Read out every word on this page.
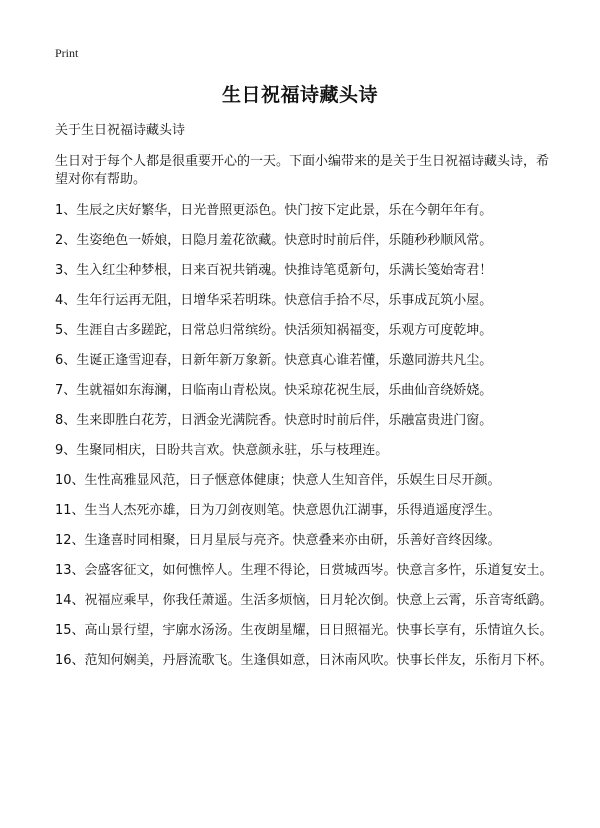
Print
生日祝福诗藏头诗

关于生日祝福诗藏头诗

生日对于每个人都是很重要开心的一天。下面小编带来的是关于生日祝福诗藏头诗，希望对你有帮助。

1、生辰之庆好繁华，日光普照更添色。快门按下定此景，乐在今朝年年有。

2、生姿绝色一娇娘，日隐月羞花欲藏。快意时时前后伴，乐随秒秒顺风常。

3、生入红尘种梦根，日来百祝共销魂。快推诗笔觅新句，乐满长笺始寄君！

4、生年行运再无阻，日增华采若明珠。快意信手拾不尽，乐事成瓦筑小屋。

5、生涯自古多蹉跎，日常总归常缤纷。快活须知祸福变，乐观方可度乾坤。

6、生诞正逢雪迎春，日新年新万象新。快意真心谁若懂，乐邀同游共凡尘。

7、生就福如东海澜，日临南山青松岚。快采琼花祝生辰，乐曲仙音绕娇娆。

8、生来即胜白花芳，日洒金光满院香。快意时时前后伴，乐融富贵进门窗。

9、生聚同相庆，日盼共言欢。快意颜永驻，乐与枝理连。

10、生性高雅显风范，日子惬意体健康；快意人生知音伴，乐娱生日尽开颜。

11、生当人杰死亦雄，日为刀剑夜则笔。快意恩仇江湖事，乐得逍遥度浮生。

12、生逢喜时同相聚，日月星辰与亮齐。快意叠来亦由研，乐善好音终因缘。

13、会盛客征文，如何憔悴人。生理不得论，日赏城西岑。快意言多忤，乐道复安土。

14、祝福应乘早，你我任萧遥。生活多烦恼，日月轮次倒。快意上云霄，乐音寄纸鹞。

15、高山景行望，宇廓水汤汤。生夜朗星耀，日日照福光。快事长享有，乐情谊久长。

16、范知何娴美，丹唇流歌飞。生逢俱如意，日沐南风吹。快事长伴友，乐衔月下杯。
